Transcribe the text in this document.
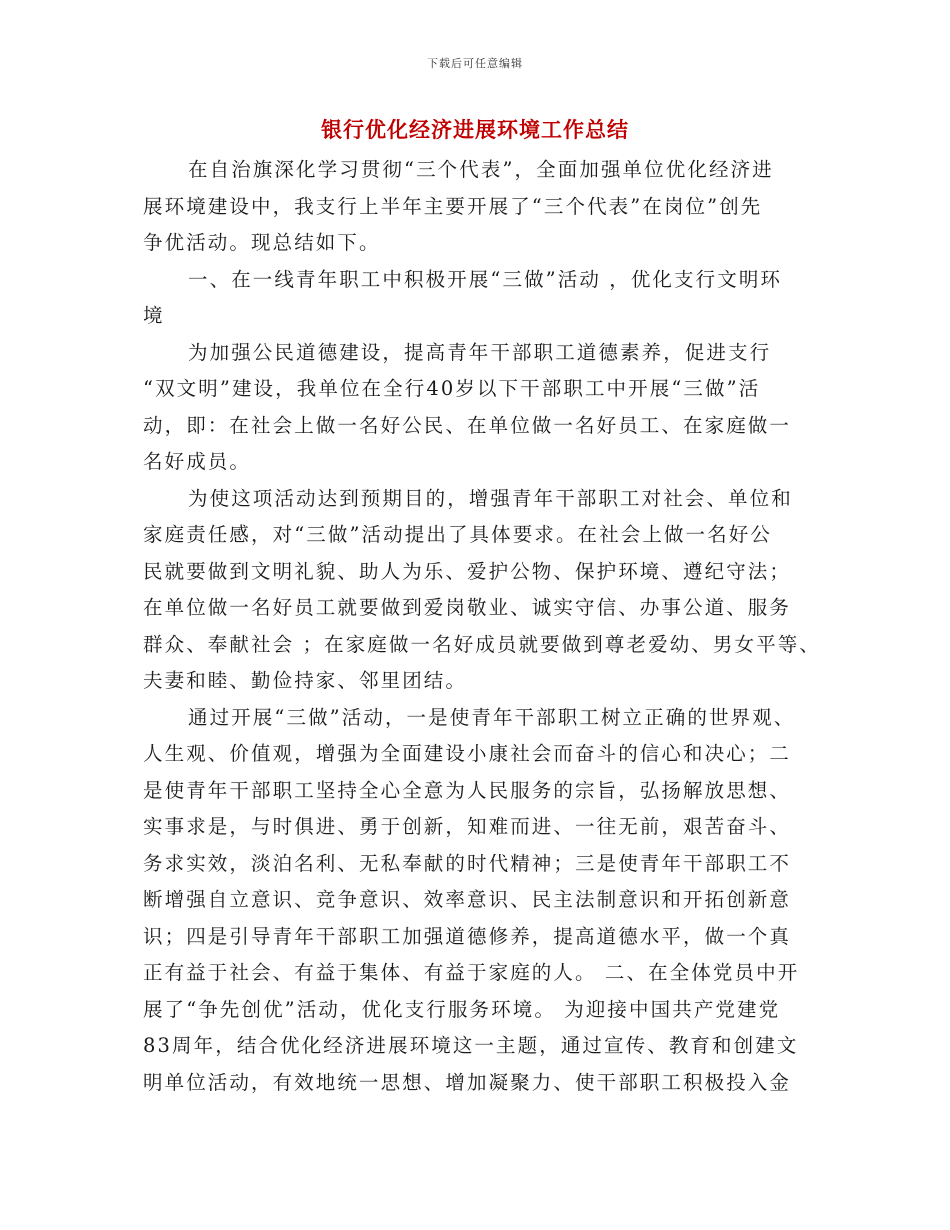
下载后可任意编辑
银行优化经济进展环境工作总结
在自治旗深化学习贯彻“三个代表”，全面加强单位优化经济进
展环境建设中，我支行上半年主要开展了“三个代表”在岗位”创先
争优活动。现总结如下。
一、在一线青年职工中积极开展“三做”活动 ，优化支行文明环
境
为加强公民道德建设，提高青年干部职工道德素养，促进支行
“双文明”建设，我单位在全行40岁以下干部职工中开展“三做”活
动，即：在社会上做一名好公民、在单位做一名好员工、在家庭做一
名好成员。
为使这项活动达到预期目的，增强青年干部职工对社会、单位和
家庭责任感，对“三做”活动提出了具体要求。在社会上做一名好公
民就要做到文明礼貌、助人为乐、爱护公物、保护环境、遵纪守法；
在单位做一名好员工就要做到爱岗敬业、诚实守信、办事公道、服务
群众、奉献社会 ；在家庭做一名好成员就要做到尊老爱幼、男女平等、
夫妻和睦、勤俭持家、邻里团结。
通过开展“三做”活动，一是使青年干部职工树立正确的世界观、
人生观、价值观，增强为全面建设小康社会而奋斗的信心和决心；二
是使青年干部职工坚持全心全意为人民服务的宗旨，弘扬解放思想、
实事求是，与时俱进、勇于创新，知难而进、一往无前，艰苦奋斗、
务求实效，淡泊名利、无私奉献的时代精神；三是使青年干部职工不
断增强自立意识、竞争意识、效率意识、民主法制意识和开拓创新意
识；四是引导青年干部职工加强道德修养，提高道德水平，做一个真
正有益于社会、有益于集体、有益于家庭的人。 二、在全体党员中开
展了“争先创优”活动，优化支行服务环境。 为迎接中国共产党建党
83周年，结合优化经济进展环境这一主题，通过宣传、教育和创建文
明单位活动，有效地统一思想、增加凝聚力、使干部职工积极投入金
